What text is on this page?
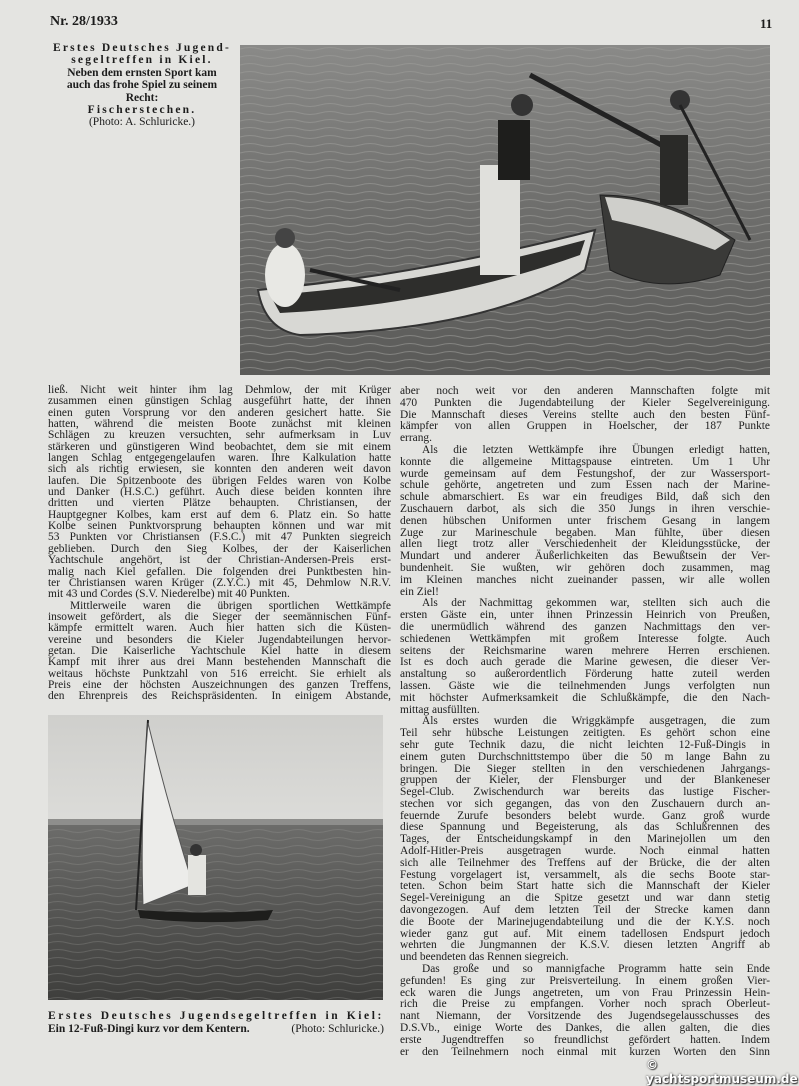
Nr. 28/1933	11
Erstes Deutsches Jugend-
segeltreffen in Kiel.
Neben dem ernsten Sport kam
auch das frohe Spiel zu seinem
Recht:
Fischerstechen.
(Photo: A. Schluricke.)
ließ. Nicht weit hinter ihm lag Dehmlow, der mit Krüger
zusammen einen günstigen Schlag ausgeführt hatte, der ihnen
einen guten Vorsprung vor den anderen gesichert hatte. Sie
hatten, während die meisten Boote zunächst mit kleinen
Schlägen zu kreuzen versuchten, sehr aufmerksam in Luv
stärkeren und günstigeren Wind beobachtet, dem sie mit einem
langen Schlag entgegengelaufen waren. Ihre Kalkulation hatte
sich als richtig erwiesen, sie konnten den anderen weit davon
laufen. Die Spitzenboote des übrigen Feldes waren von Kolbe
und Danker (H.S.C.) geführt. Auch diese beiden konnten ihre
dritten und vierten Plätze behaupten. Christiansen, der
Hauptgegner Kolbes, kam erst auf dem 6. Platz ein. So hatte
Kolbe seinen Punktvorsprung behaupten können und war mit
53 Punkten vor Christiansen (F.S.C.) mit 47 Punkten siegreich
geblieben. Durch den Sieg Kolbes, der der Kaiserlichen
Yachtschule angehört, ist der Christian-Andersen-Preis erst-
malig nach Kiel gefallen. Die folgenden drei Punktbesten hin-
ter Christiansen waren Krüger (Z.Y.C.) mit 45, Dehmlow N.R.V.
mit 43 und Cordes (S.V. Niederelbe) mit 40 Punkten.
Mittlerweile waren die übrigen sportlichen Wettkämpfe
insoweit gefördert, als die Sieger der seemännischen Fünf-
kämpfe ermittelt waren. Auch hier hatten sich die Küsten-
vereine und besonders die Kieler Jugendabteilungen hervor-
getan. Die Kaiserliche Yachtschule Kiel hatte in diesem
Kampf mit ihrer aus drei Mann bestehenden Mannschaft die
weitaus höchste Punktzahl von 516 erreicht. Sie erhielt als
Preis eine der höchsten Auszeichnungen des ganzen Treffens,
den Ehrenpreis des Reichspräsidenten. In einigem Abstande,
aber noch weit vor den anderen Mannschaften folgte mit
470 Punkten die Jugendabteilung der Kieler Segelvereinigung.
Die Mannschaft dieses Vereins stellte auch den besten Fünf-
kämpfer von allen Gruppen in Hoelscher, der 187 Punkte
errang.
Als die letzten Wettkämpfe ihre Übungen erledigt hatten,
konnte die allgemeine Mittagspause eintreten. Um 1 Uhr
wurde gemeinsam auf dem Festungshof, der zur Wassersport-
schule gehörte, angetreten und zum Essen nach der Marine-
schule abmarschiert. Es war ein freudiges Bild, daß sich den
Zuschauern darbot, als sich die 350 Jungs in ihren verschie-
denen hübschen Uniformen unter frischem Gesang in langem
Zuge zur Marineschule begaben. Man fühlte, über diesen
allen liegt trotz aller Verschiedenheit der Kleidungsstücke, der
Mundart und anderer Äußerlichkeiten das Bewußtsein der Ver-
bundenheit. Sie wußten, wir gehören doch zusammen, mag
im Kleinen manches nicht zueinander passen, wir alle wollen
ein Ziel!
Als der Nachmittag gekommen war, stellten sich auch die
ersten Gäste ein, unter ihnen Prinzessin Heinrich von Preußen,
die unermüdlich während des ganzen Nachmittags den ver-
schiedenen Wettkämpfen mit großem Interesse folgte. Auch
seitens der Reichsmarine waren mehrere Herren erschienen.
Ist es doch auch gerade die Marine gewesen, die dieser Ver-
anstaltung so außerordentlich Förderung hatte zuteil werden
lassen. Gäste wie die teilnehmenden Jungs verfolgten nun
mit höchster Aufmerksamkeit die Schlußkämpfe, die den Nach-
mittag ausfüllten.
Als erstes wurden die Wriggkämpfe ausgetragen, die zum
Teil sehr hübsche Leistungen zeitigten. Es gehört schon eine
sehr gute Technik dazu, die nicht leichten 12-Fuß-Dingis in
einem guten Durchschnittstempo über die 50 m lange Bahn zu
bringen. Die Sieger stellten in den verschiedenen Jahrgangs-
gruppen der Kieler, der Flensburger und der Blankeneser
Segel-Club. Zwischendurch war bereits das lustige Fischer-
stechen vor sich gegangen, das von den Zuschauern durch an-
feuernde Zurufe besonders belebt wurde. Ganz groß wurde
diese Spannung und Begeisterung, als das Schlußrennen des
Tages, der Entscheidungskampf in den Marinejollen um den
Adolf-Hitler-Preis ausgetragen wurde. Noch einmal hatten
sich alle Teilnehmer des Treffens auf der Brücke, die der alten
Festung vorgelagert ist, versammelt, als die sechs Boote star-
teten. Schon beim Start hatte sich die Mannschaft der Kieler
Segel-Vereinigung an die Spitze gesetzt und war dann stetig
davongezogen. Auf dem letzten Teil der Strecke kamen dann
die Boote der Marinejugendabteilung und die der K.Y.S. noch
wieder ganz gut auf. Mit einem tadellosen Endspurt jedoch
wehrten die Jungmannen der K.S.V. diesen letzten Angriff ab
und beendeten das Rennen siegreich.
Das große und so mannigfache Programm hatte sein Ende
gefunden! Es ging zur Preisverteilung. In einem großen Vier-
eck waren die Jungs angetreten, um von Frau Prinzessin Hein-
rich die Preise zu empfangen. Vorher noch sprach Oberleut-
nant Niemann, der Vorsitzende des Jugendsegelausschusses des
D.S.Vb., einige Worte des Dankes, die allen galten, die dies
erste Jugendtreffen so freundlichst gefördert hatten. Indem
er den Teilnehmern noch einmal mit kurzen Worten den Sinn
Erstes Deutsches Jugendsegeltreffen in Kiel:
Ein 12-Fuß-Dingi kurz vor dem Kentern.	(Photo: Schluricke.)
© yachtsportmuseum.de
